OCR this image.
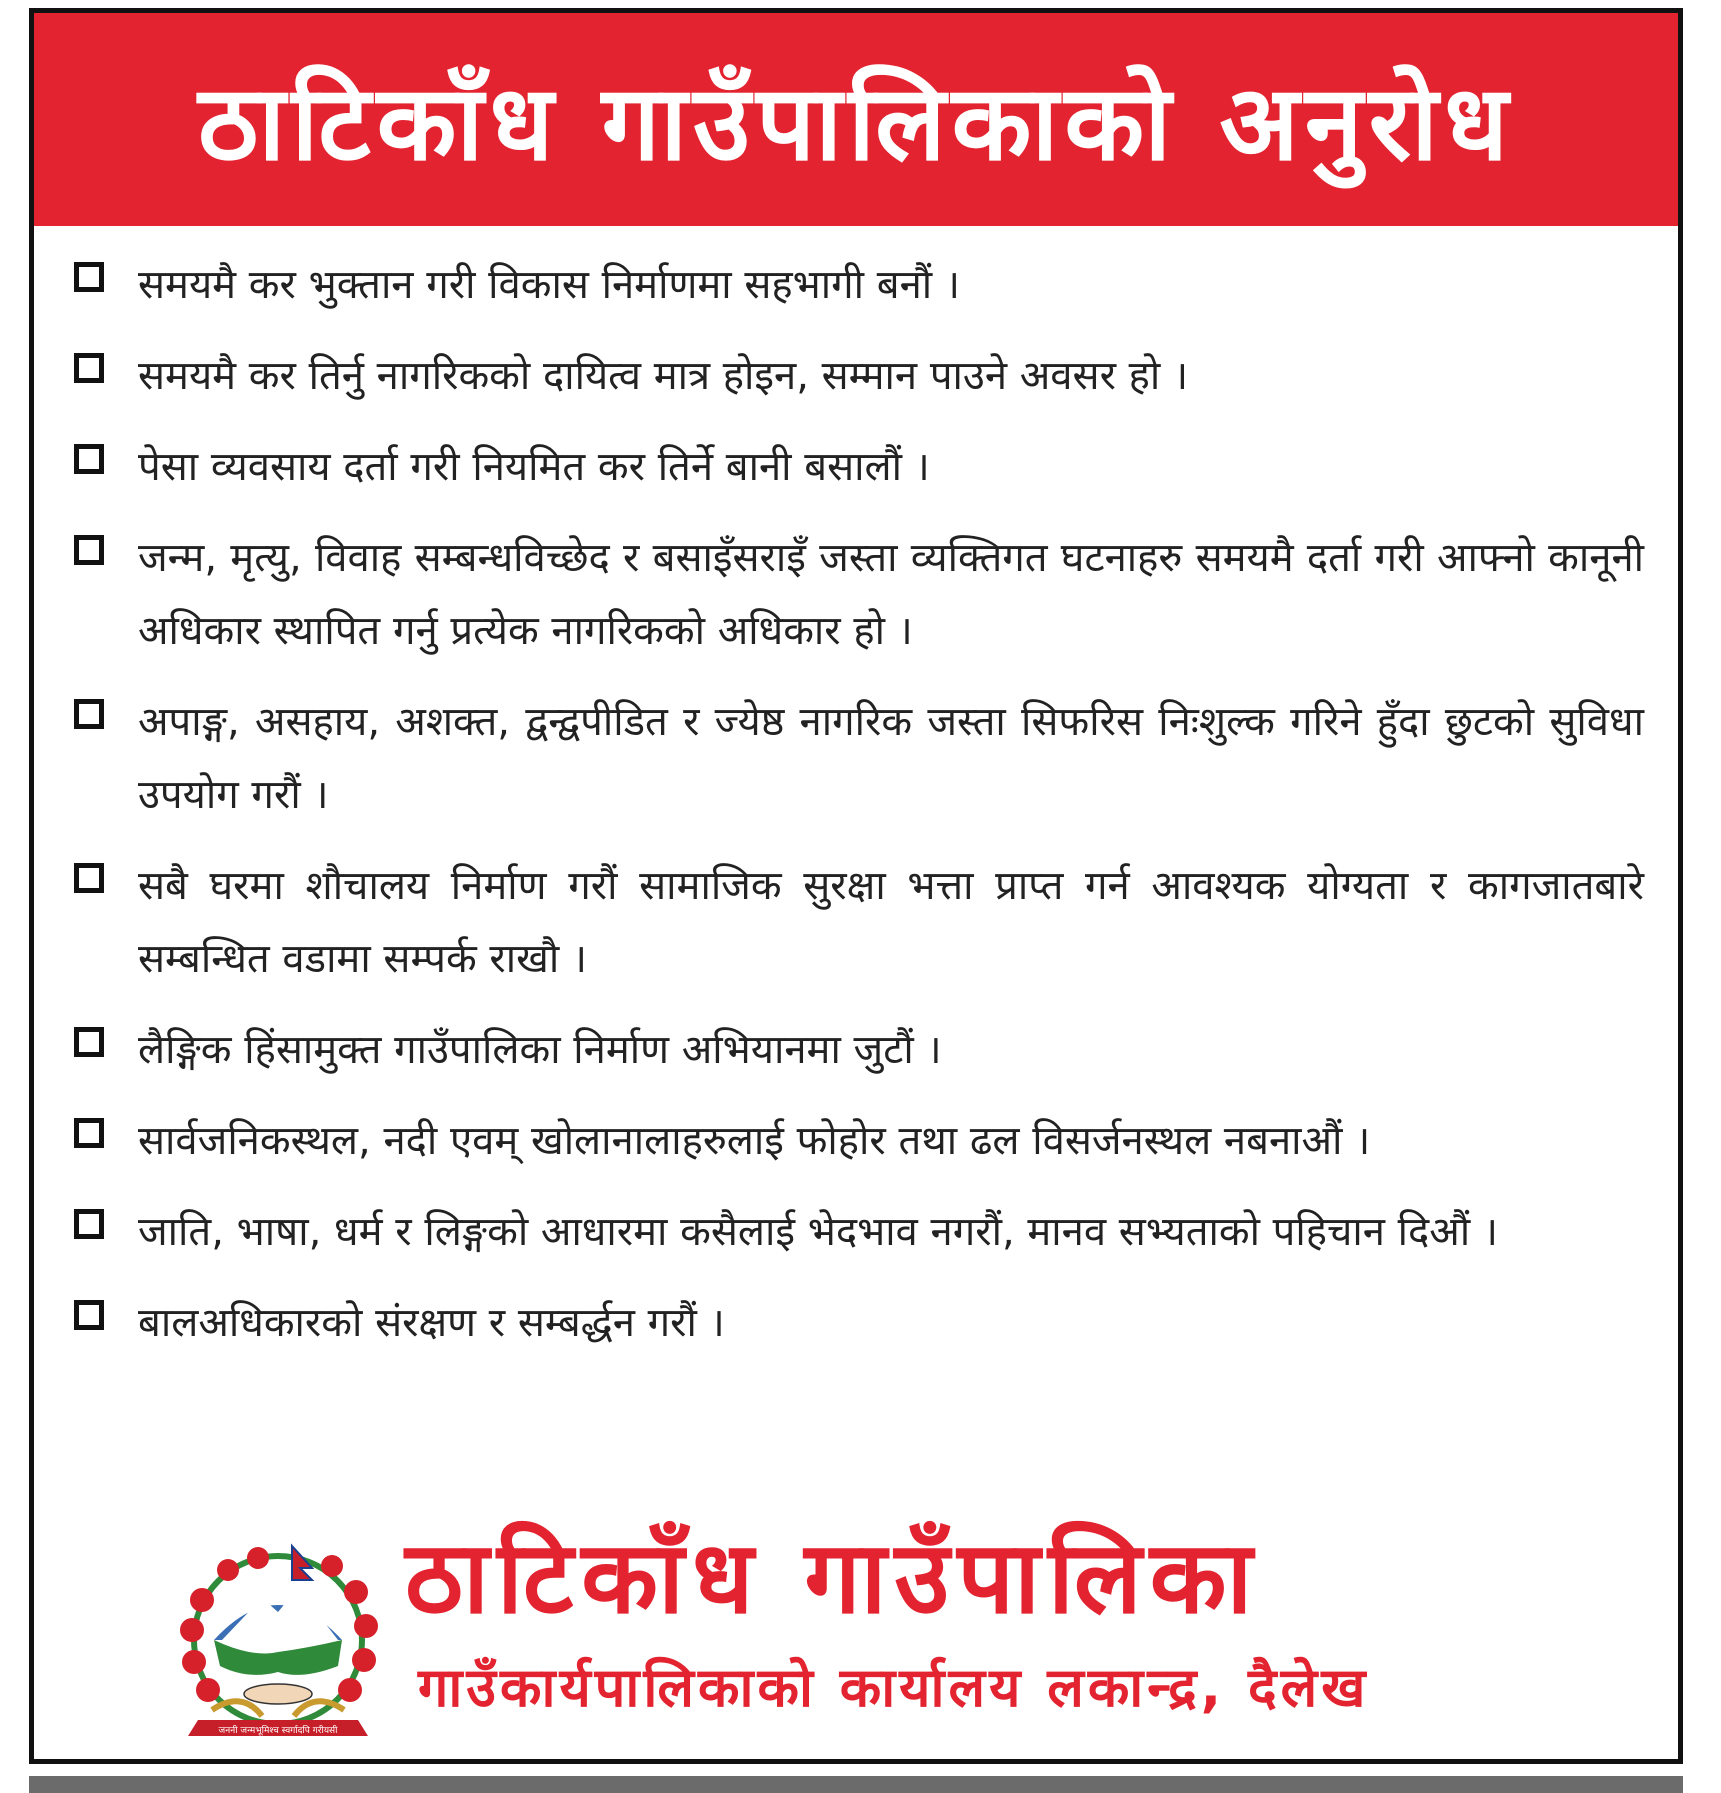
ठाटिकाँध गाउँपालिकाको अनुरोध
समयमै कर भुक्तान गरी विकास निर्माणमा सहभागी बनौं ।
समयमै कर तिर्नु नागरिकको दायित्व मात्र होइन, सम्मान पाउने अवसर हो ।
पेसा व्यवसाय दर्ता गरी नियमित कर तिर्ने बानी बसालौं ।
जन्म, मृत्यु, विवाह सम्बन्धविच्छेद र बसाइँसराइँ जस्ता व्यक्तिगत घटनाहरु समयमै दर्ता गरी आफ्नो कानूनी अधिकार स्थापित गर्नु प्रत्येक नागरिकको अधिकार हो ।
अपाङ्ग, असहाय, अशक्त, द्वन्द्वपीडित र ज्येष्ठ नागरिक जस्ता सिफरिस निःशुल्क गरिने हुँदा छुटको सुविधा उपयोग गरौं ।
सबै घरमा शौचालय निर्माण गरौं सामाजिक सुरक्षा भत्ता प्राप्त गर्न आवश्यक योग्यता र कागजातबारे सम्बन्धित वडामा सम्पर्क राखौ ।
लैङ्गिक हिंसामुक्त गाउँपालिका निर्माण अभियानमा जुटौं ।
सार्वजनिकस्थल, नदी एवम् खोलानालाहरुलाई फोहोर तथा ढल विसर्जनस्थल नबनाऔं ।
जाति, भाषा, धर्म र लिङ्गको आधारमा कसैलाई भेदभाव नगरौं, मानव सभ्यताको पहिचान दिऔं ।
बालअधिकारको संरक्षण र सम्बर्द्धन गरौं ।
जननी जन्मभूमिश्च स्वर्गादपि गरीयसी
ठाटिकाँध गाउँपालिका
गाउँकार्यपालिकाको कार्यालय लकान्द्र, दैलेख
